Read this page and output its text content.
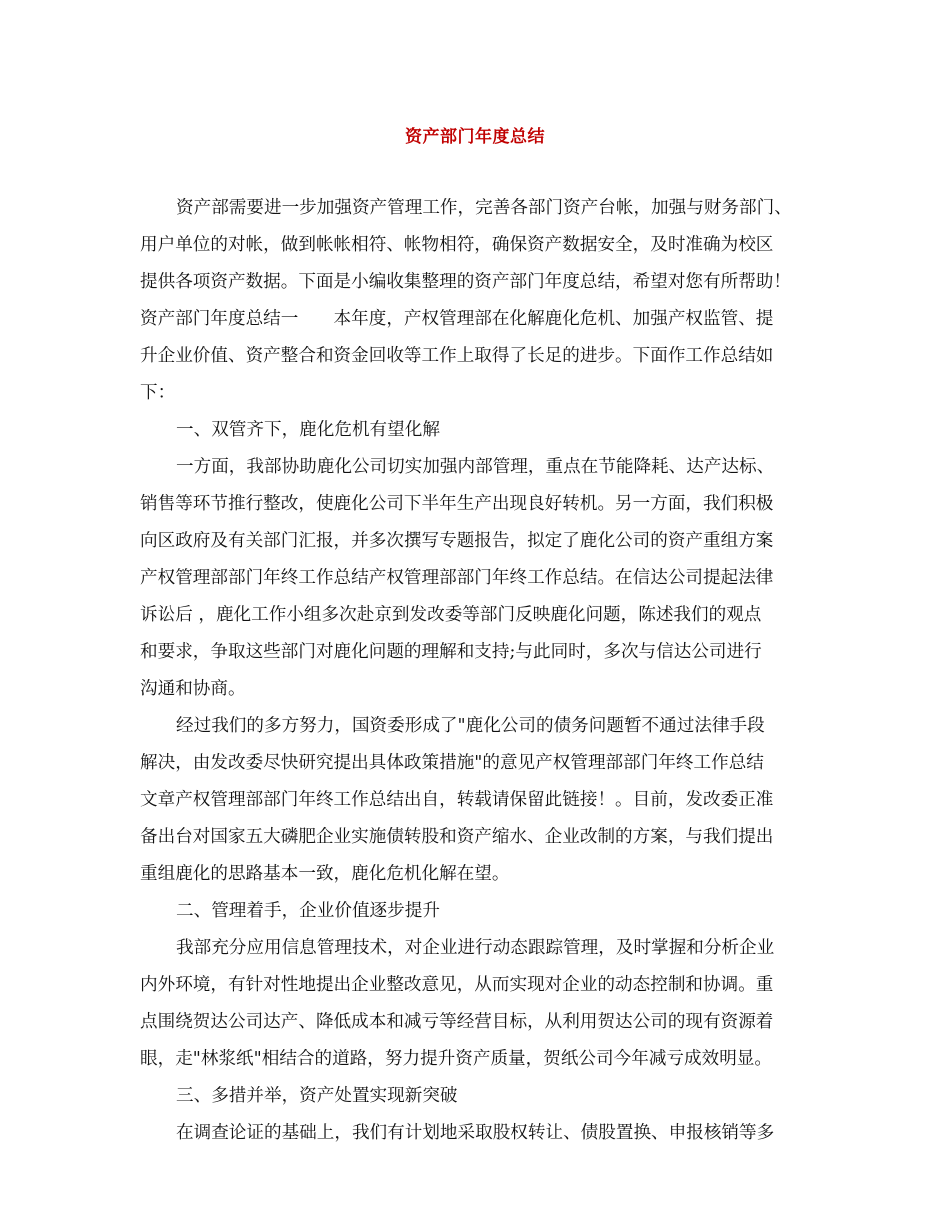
资产部门年度总结
资产部需要进一步加强资产管理工作，完善各部门资产台帐，加强与财务部门、
用户单位的对帐，做到帐帐相符、帐物相符，确保资产数据安全，及时准确为校区
提供各项资产数据。下面是小编收集整理的资产部门年度总结，希望对您有所帮助！
资产部门年度总结一　　本年度，产权管理部在化解鹿化危机、加强产权监管、提
升企业价值、资产整合和资金回收等工作上取得了长足的进步。下面作工作总结如
下：
一、双管齐下，鹿化危机有望化解
一方面，我部协助鹿化公司切实加强内部管理，重点在节能降耗、达产达标、
销售等环节推行整改，使鹿化公司下半年生产出现良好转机。另一方面，我们积极
向区政府及有关部门汇报，并多次撰写专题报告，拟定了鹿化公司的资产重组方案
产权管理部部门年终工作总结产权管理部部门年终工作总结。在信达公司提起法律
诉讼后 ，鹿化工作小组多次赴京到发改委等部门反映鹿化问题，陈述我们的观点
和要求，争取这些部门对鹿化问题的理解和支持;与此同时，多次与信达公司进行
沟通和协商。
经过我们的多方努力，国资委形成了"鹿化公司的债务问题暂不通过法律手段
解决，由发改委尽快研究提出具体政策措施"的意见产权管理部部门年终工作总结
文章产权管理部部门年终工作总结出自，转载请保留此链接！。目前，发改委正准
备出台对国家五大磷肥企业实施债转股和资产缩水、企业改制的方案，与我们提出
重组鹿化的思路基本一致，鹿化危机化解在望。
二、管理着手，企业价值逐步提升
我部充分应用信息管理技术，对企业进行动态跟踪管理，及时掌握和分析企业
内外环境，有针对性地提出企业整改意见，从而实现对企业的动态控制和协调。重
点围绕贺达公司达产、降低成本和减亏等经营目标，从利用贺达公司的现有资源着
眼，走"林浆纸"相结合的道路，努力提升资产质量，贺纸公司今年减亏成效明显。
三、多措并举，资产处置实现新突破
在调查论证的基础上，我们有计划地采取股权转让、债股置换、申报核销等多
